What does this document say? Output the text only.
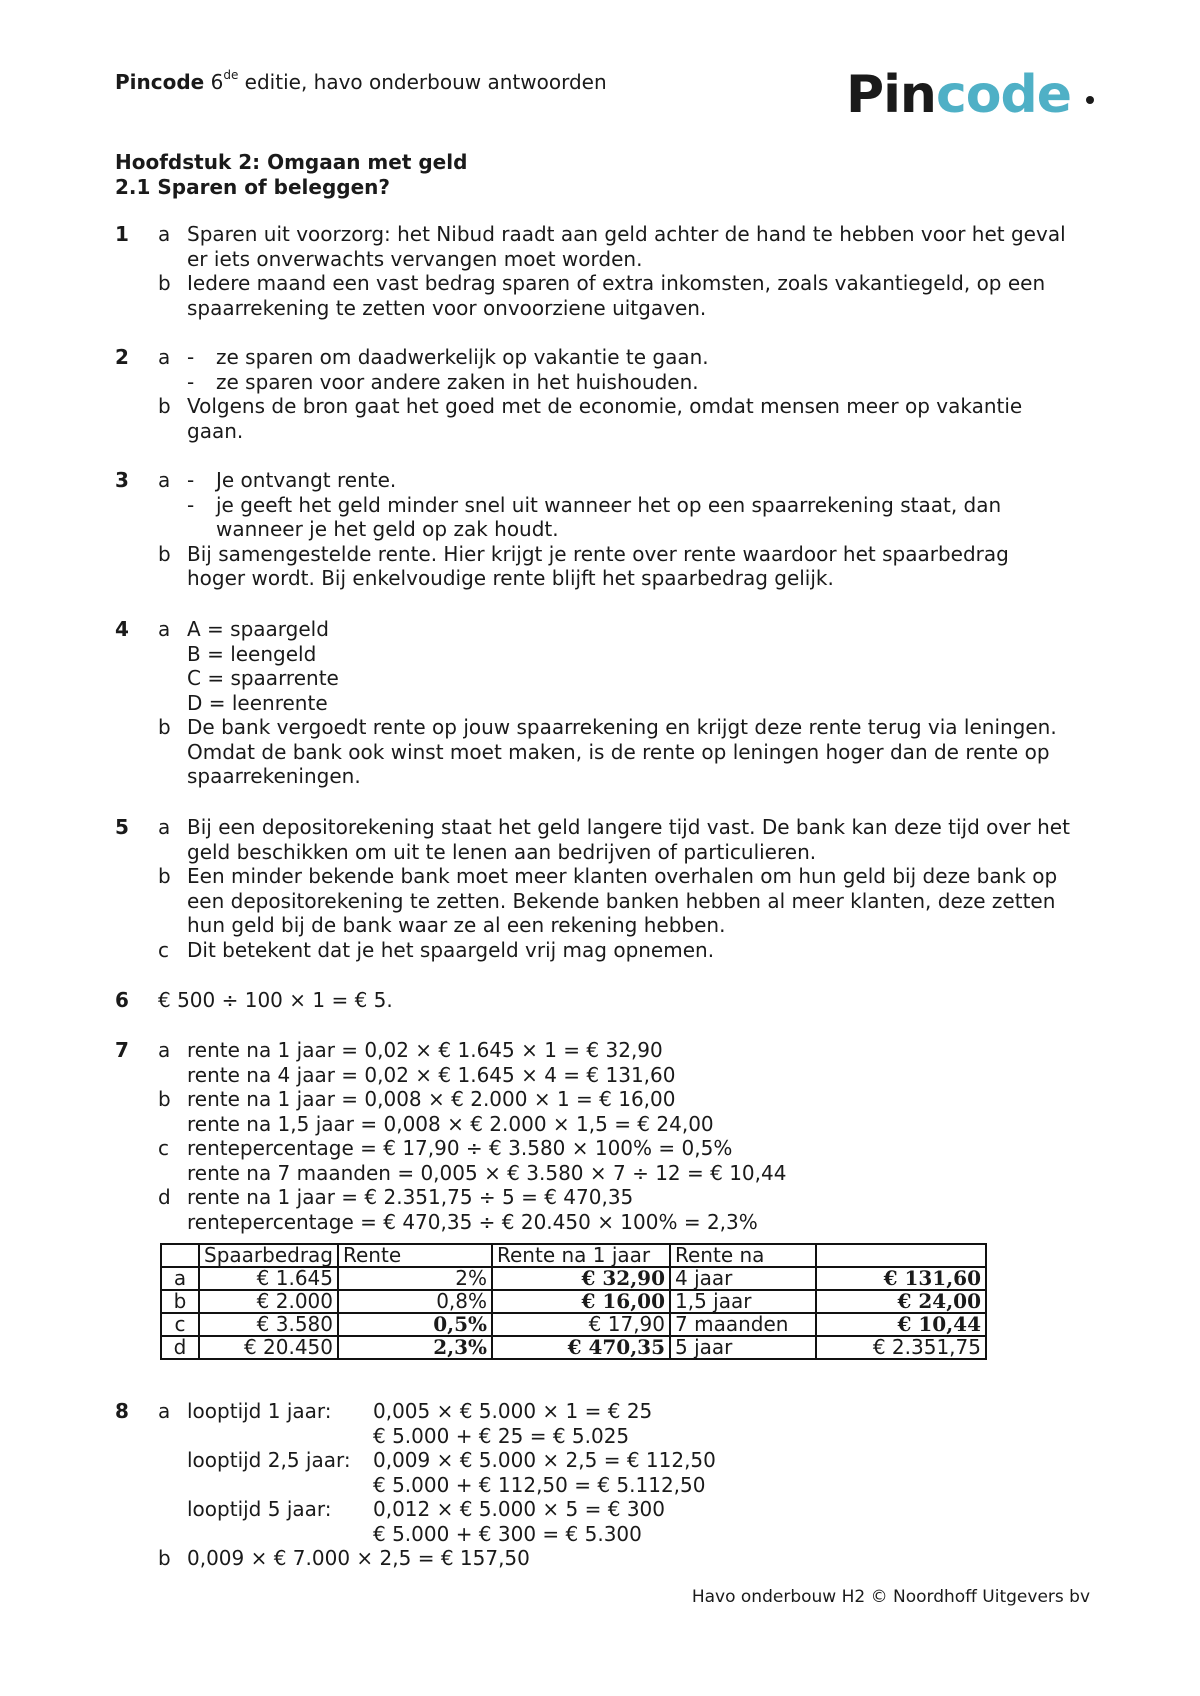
Pincode 6de editie, havo onderbouw antwoorden	Pincode
Hoofdstuk 2: Omgaan met geld
2.1 Sparen of beleggen?
1	a Sparen uit voorzorg: het Nibud raadt aan geld achter de hand te hebben voor het geval
er iets onverwachts vervangen moet worden.
b Iedere maand een vast bedrag sparen of extra inkomsten, zoals vakantiegeld, op een
spaarrekening te zetten voor onvoorziene uitgaven.
2	a - ze sparen om daadwerkelijk op vakantie te gaan.
- ze sparen voor andere zaken in het huishouden.
b Volgens de bron gaat het goed met de economie, omdat mensen meer op vakantie
gaan.
3	a - Je ontvangt rente.
- je geeft het geld minder snel uit wanneer het op een spaarrekening staat, dan
wanneer je het geld op zak houdt.
b Bij samengestelde rente. Hier krijgt je rente over rente waardoor het spaarbedrag
hoger wordt. Bij enkelvoudige rente blijft het spaarbedrag gelijk.
4	a A = spaargeld
B = leengeld
C = spaarrente
D = leenrente
b De bank vergoedt rente op jouw spaarrekening en krijgt deze rente terug via leningen.
Omdat de bank ook winst moet maken, is de rente op leningen hoger dan de rente op
spaarrekeningen.
5	a Bij een depositorekening staat het geld langere tijd vast. De bank kan deze tijd over het
geld beschikken om uit te lenen aan bedrijven of particulieren.
b Een minder bekende bank moet meer klanten overhalen om hun geld bij deze bank op
een depositorekening te zetten. Bekende banken hebben al meer klanten, deze zetten
hun geld bij de bank waar ze al een rekening hebben.
c Dit betekent dat je het spaargeld vrij mag opnemen.
6	€ 500 ÷ 100 × 1 = € 5.
7	a rente na 1 jaar = 0,02 × € 1.645 × 1 = € 32,90
rente na 4 jaar = 0,02 × € 1.645 × 4 = € 131,60
b rente na 1 jaar = 0,008 × € 2.000 × 1 = € 16,00
rente na 1,5 jaar = 0,008 × € 2.000 × 1,5 = € 24,00
c rentepercentage = € 17,90 ÷ € 3.580 × 100% = 0,5%
rente na 7 maanden = 0,005 × € 3.580 × 7 ÷ 12 = € 10,44
d rente na 1 jaar = € 2.351,75 ÷ 5 = € 470,35
rentepercentage = € 470,35 ÷ € 20.450 × 100% = 2,3%
	Spaarbedrag	Rente	Rente na 1 jaar	Rente na	
a	€ 1.645	2%	€ 32,90	4 jaar	€ 131,60
b	€ 2.000	0,8%	€ 16,00	1,5 jaar	€ 24,00
c	€ 3.580	0,5%	€ 17,90	7 maanden	€ 10,44
d	€ 20.450	2,3%	€ 470,35	5 jaar	€ 2.351,75
8	a looptijd 1 jaar: 0,005 × € 5.000 × 1 = € 25
€ 5.000 + € 25 = € 5.025
looptijd 2,5 jaar: 0,009 × € 5.000 × 2,5 = € 112,50
€ 5.000 + € 112,50 = € 5.112,50
looptijd 5 jaar: 0,012 × € 5.000 × 5 = € 300
€ 5.000 + € 300 = € 5.300
b 0,009 × € 7.000 × 2,5 = € 157,50
Havo onderbouw H2 © Noordhoff Uitgevers bv
